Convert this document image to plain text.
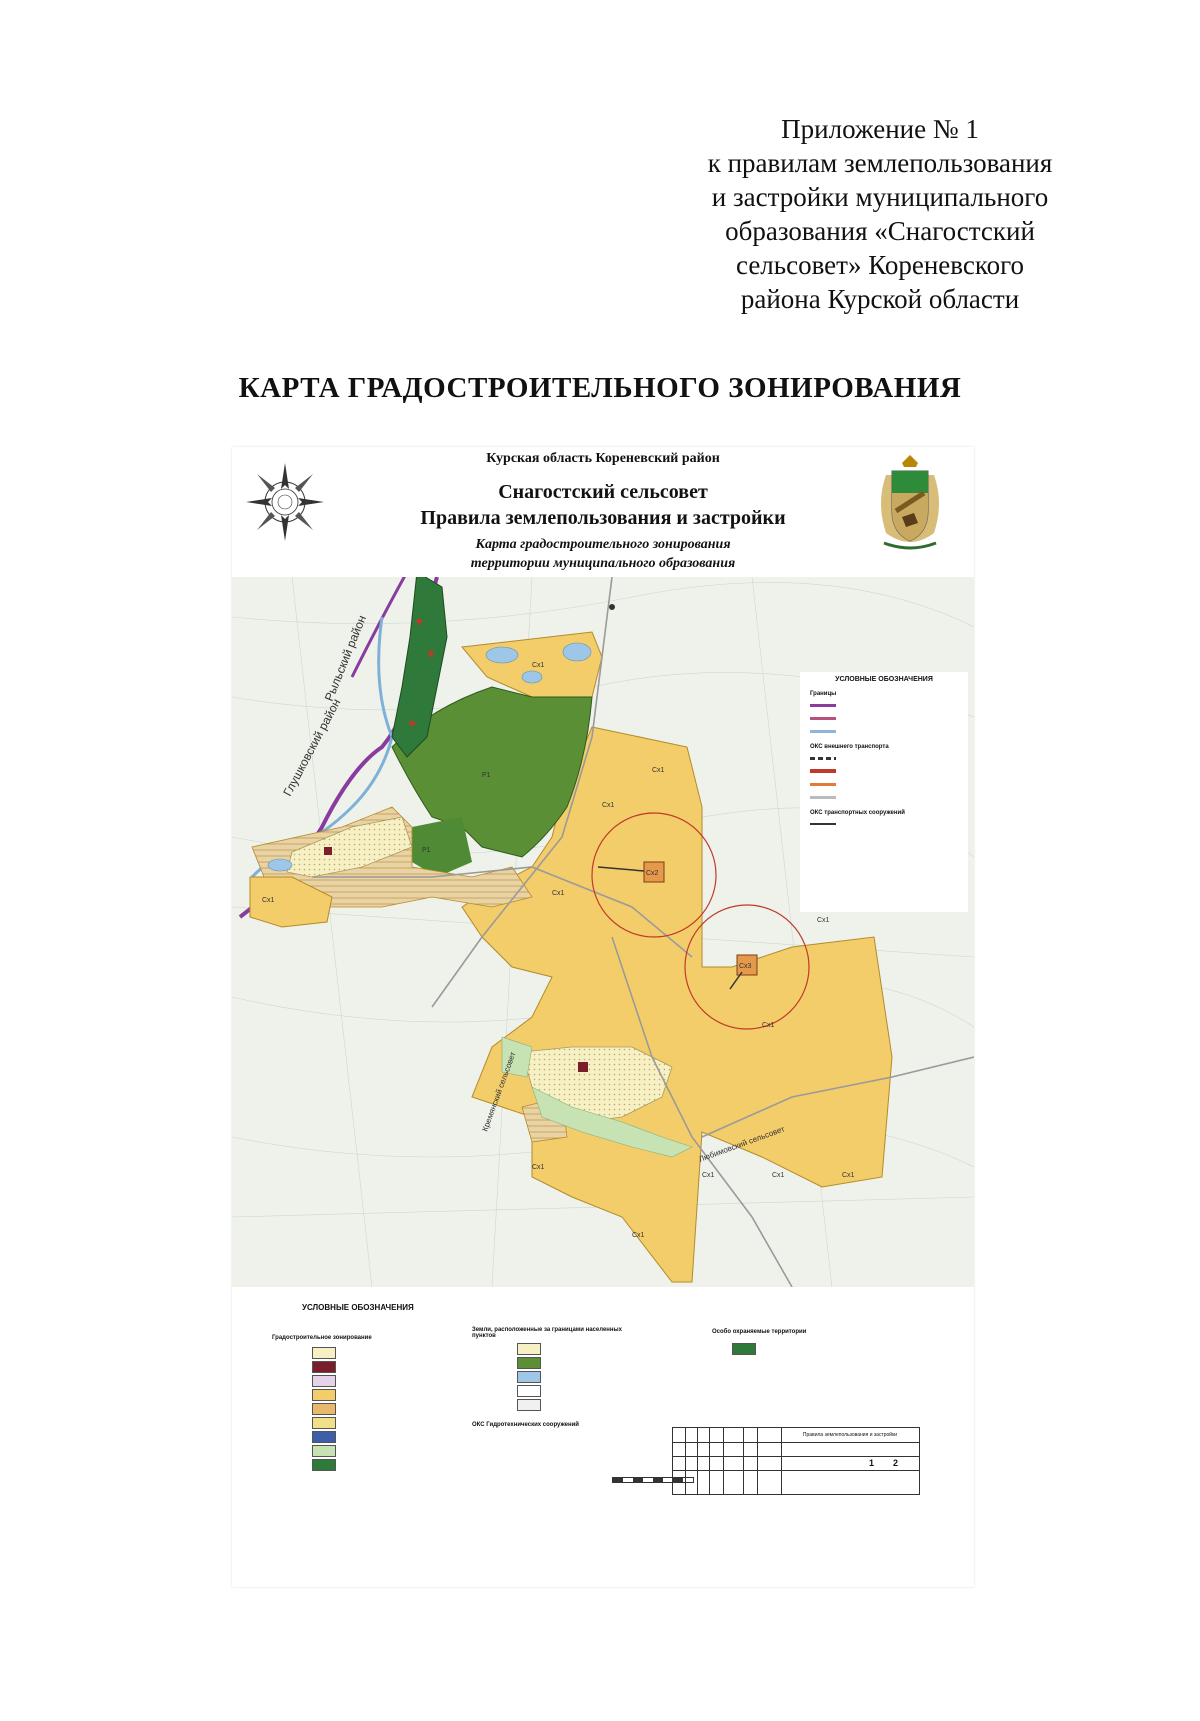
Приложение № 1
к правилам землепользования
и застройки муниципального
образования «Снагостский
сельсовет» Кореневского
района Курской области
КАРТА ГРАДОСТРОИТЕЛЬНОГО ЗОНИРОВАНИЯ
Курская область Кореневский район
Снагостский сельсовет
Правила землепользования и застройки
Карта градостроительного зонирования
территории муниципального образования
✚
✚
✚
Сх1
Р1
Р1
Сх1
Сх1
Сх1
Сх1
Сх1
Сх1
Сх1
Сх1	Сх1	Сх1
Сх1
Сх2
Сх3
Рыльский район
Глушковский район
Кремянский сельсовет
Любимовский сельсовет
УСЛОВНЫЕ ОБОЗНАЧЕНИЯ
Границы
ОКС внешнего транспорта
ОКС транспортных сооружений
УСЛОВНЫЕ ОБОЗНАЧЕНИЯ
Градостроительное зонирование
Земли, расположенные за границами населенных пунктов
Особо охраняемые территории
ОКС Гидротехнических сооружений
Правила землепользования и застройки
1 2
